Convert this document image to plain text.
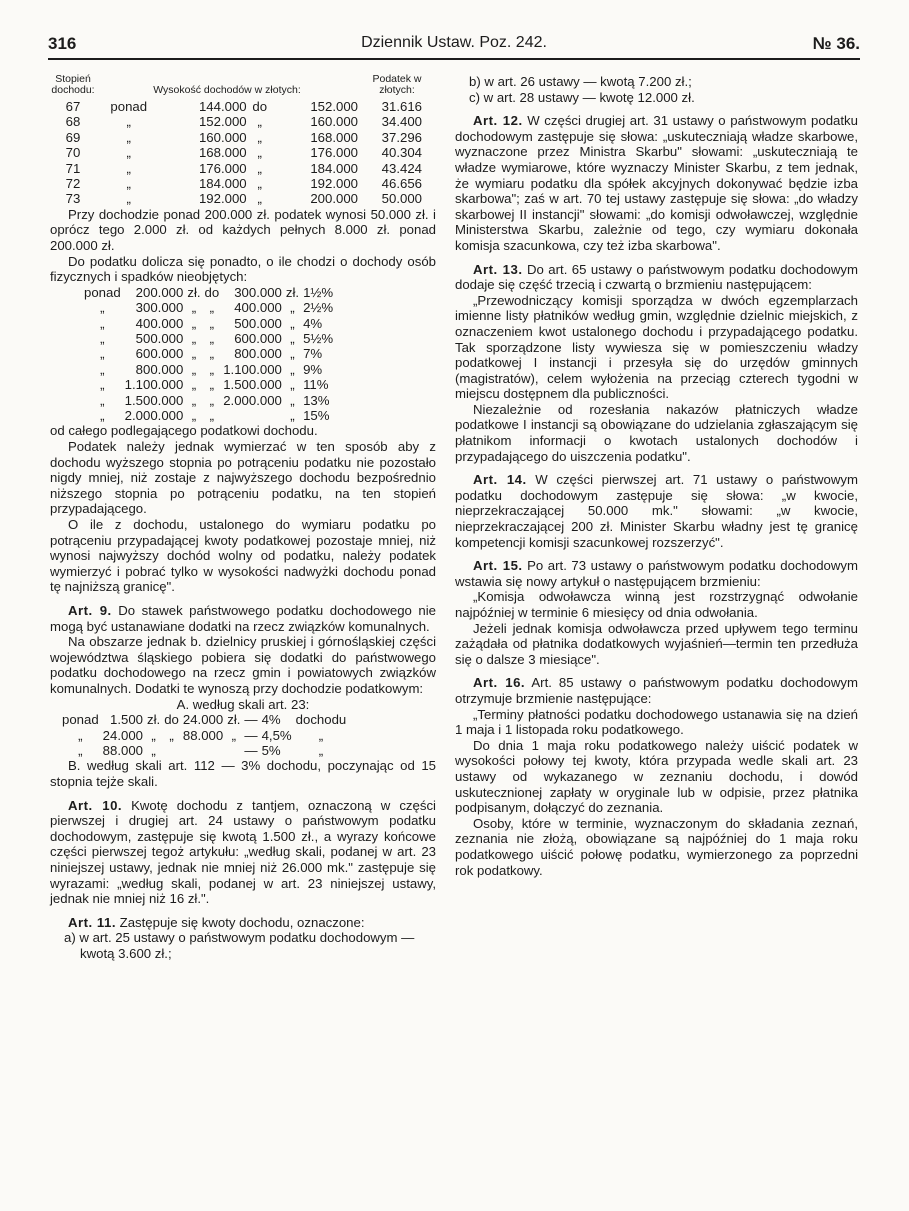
316	Dziennik Ustaw. Poz. 242.	№ 36.
Stopień dochodu:	Wysokość dochodów w złotych:				Podatek w złotych:
67	ponad	144.000	do	152.000	31.616
68	„	152.000	„	160.000	34.400
69	„	160.000	„	168.000	37.296
70	„	168.000	„	176.000	40.304
71	„	176.000	„	184.000	43.424
72	„	184.000	„	192.000	46.656
73	„	192.000	„	200.000	50.000

Przy dochodzie ponad 200.000 zł. podatek wynosi 50.000 zł. i oprócz tego 2.000 zł. od każdych pełnych 8.000 zł. ponad 200.000 zł.

Do podatku dolicza się ponadto, o ile chodzi o dochody osób fizycznych i spadków nieobjętych:

ponad	200.000	zł.	do	300.000	zł.	1½%
„	300.000	„	„	400.000	„	2½%
„	400.000	„	„	500.000	„	4%
„	500.000	„	„	600.000	„	5½%
„	600.000	„	„	800.000	„	7%
„	800.000	„	„	1.100.000	„	9%
„	1.100.000	„	„	1.500.000	„	11%
„	1.500.000	„	„	2.000.000	„	13%
„	2.000.000	„	„		„	15%

od całego podlegającego podatkowi dochodu.

Podatek należy jednak wymierzać w ten sposób aby z dochodu wyższego stopnia po potrąceniu podatku nie pozostało nigdy mniej, niż zostaje z najwyższego dochodu bezpośrednio niższego stopnia po potrąceniu podatku, na ten stopień przypadającego.

O ile z dochodu, ustalonego do wymiaru podatku po potrąceniu przypadającej kwoty podatkowej pozostaje mniej, niż wynosi najwyższy dochód wolny od podatku, należy podatek wymierzyć i pobrać tylko w wysokości nadwyżki dochodu ponad tę najniższą granicę".

Art. 9. Do stawek państwowego podatku dochodowego nie mogą być ustanawiane dodatki na rzecz związków komunalnych.

Na obszarze jednak b. dzielnicy pruskiej i górnośląskiej części województwa śląskiego pobiera się dodatki do państwowego podatku dochodowego na rzecz gmin i powiatowych związków komunalnych. Dodatki te wynoszą przy dochodzie podatkowym:

A. według skali art. 23:

ponad	1.500	zł.	do	24.000	zł.	—	4%	dochodu
„	24.000	„	„	88.000	„	—	4,5%	„
„	88.000	„				—	5%	„

B. według skali art. 112 — 3% dochodu, poczynając od 15 stopnia tejże skali.

Art. 10. Kwotę dochodu z tantjem, oznaczoną w części pierwszej i drugiej art. 24 ustawy o państwowym podatku dochodowym, zastępuje się kwotą 1.500 zł., a wyrazy końcowe części pierwszej tegoż artykułu: „według skali, podanej w art. 23 niniejszej ustawy, jednak nie mniej niż 26.000 mk." zastępuje się wyrazami: „według skali, podanej w art. 23 niniejszej ustawy, jednak nie mniej niż 16 zł.".

Art. 11. Zastępuje się kwoty dochodu, oznaczone:

a) w art. 25 ustawy o państwowym podatku dochodowym — kwotą 3.600 zł.;

b) w art. 26 ustawy — kwotą 7.200 zł.;

c) w art. 28 ustawy — kwotę 12.000 zł.

Art. 12. W części drugiej art. 31 ustawy o państwowym podatku dochodowym zastępuje się słowa: „uskuteczniają władze skarbowe, wyznaczone przez Ministra Skarbu" słowami: „uskuteczniają te władze wymiarowe, które wyznaczy Minister Skarbu, z tem jednak, że wymiaru podatku dla spółek akcyjnych dokonywać będzie izba skarbowa"; zaś w art. 70 tej ustawy zastępuje się słowa: „do władzy skarbowej II instancji" słowami: „do komisji odwoławczej, względnie Ministerstwa Skarbu, zależnie od tego, czy wymiaru dokonała komisja szacunkowa, czy też izba skarbowa".

Art. 13. Do art. 65 ustawy o państwowym podatku dochodowym dodaje się część trzecią i czwartą o brzmieniu następującem:

„Przewodniczący komisji sporządza w dwóch egzemplarzach imienne listy płatników według gmin, względnie dzielnic miejskich, z oznaczeniem kwot ustalonego dochodu i przypadającego podatku. Tak sporządzone listy wywiesza się w pomieszczeniu władzy podatkowej I instancji i przesyła się do urzędów gminnych (magistratów), celem wyłożenia na przeciąg czterech tygodni w miejscu dostępnem dla publiczności.

Niezależnie od rozesłania nakazów płatniczych władze podatkowe I instancji są obowiązane do udzielania zgłaszającym się płatnikom informacji o kwotach ustalonych dochodów i przypadającego do uiszczenia podatku".

Art. 14. W części pierwszej art. 71 ustawy o państwowym podatku dochodowym zastępuje się słowa: „w kwocie, nieprzekraczającej 50.000 mk." słowami: „w kwocie, nieprzekraczającej 200 zł. Minister Skarbu władny jest tę granicę kompetencji komisji szacunkowej rozszerzyć".

Art. 15. Po art. 73 ustawy o państwowym podatku dochodowym wstawia się nowy artykuł o następującem brzmieniu:

„Komisja odwoławcza winną jest rozstrzygnąć odwołanie najpóźniej w terminie 6 miesięcy od dnia odwołania.

Jeżeli jednak komisja odwoławcza przed upływem tego terminu zażądała od płatnika dodatkowych wyjaśnień—termin ten przedłuża się o dalsze 3 miesiące".

Art. 16. Art. 85 ustawy o państwowym podatku dochodowym otrzymuje brzmienie następujące:

„Terminy płatności podatku dochodowego ustanawia się na dzień 1 maja i 1 listopada roku podatkowego.

Do dnia 1 maja roku podatkowego należy uiścić podatek w wysokości połowy tej kwoty, która przypada wedle skali art. 23 ustawy od wykazanego w zeznaniu dochodu, i dowód uskutecznionej zapłaty w oryginale lub w odpisie, przez płatnika podpisanym, dołączyć do zeznania.

Osoby, które w terminie, wyznaczonym do składania zeznań, zeznania nie złożą, obowiązane są najpóźniej do 1 maja roku podatkowego uiścić połowę podatku, wymierzonego za poprzedni rok podatkowy.
